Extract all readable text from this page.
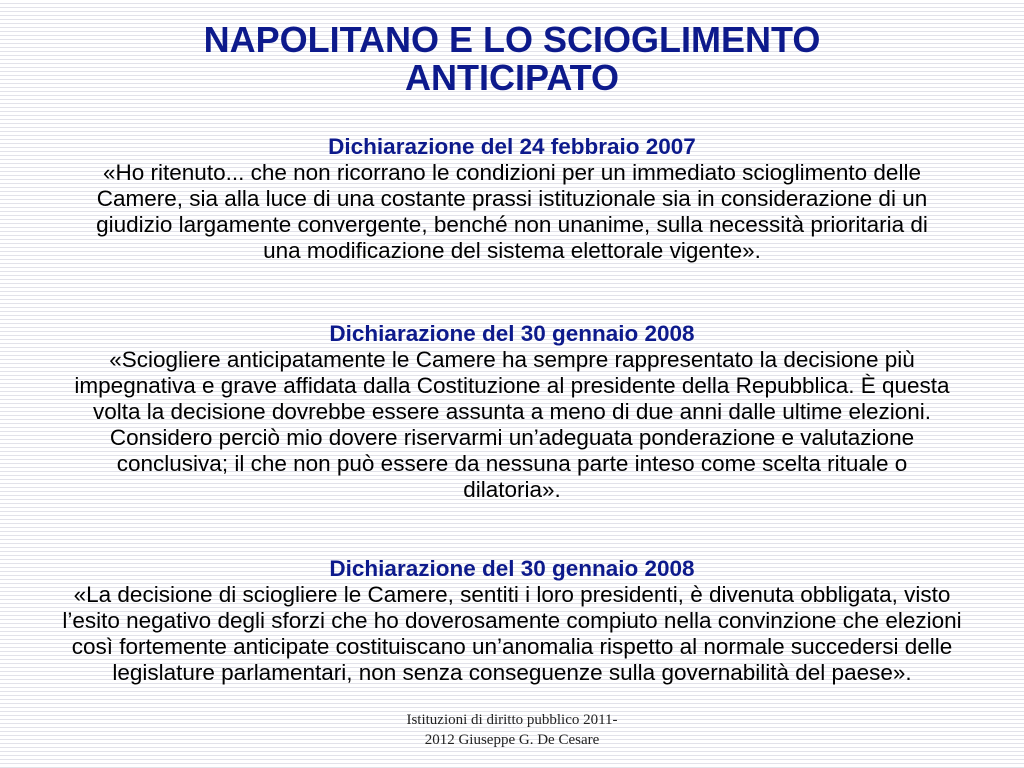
NAPOLITANO E LO SCIOGLIMENTO
ANTICIPATO
Dichiarazione del 24 febbraio 2007
«Ho ritenuto... che non ricorrano le condizioni per un immediato scioglimento delle Camere, sia alla luce di una costante prassi istituzionale sia in considerazione di un giudizio largamente convergente, benché non unanime, sulla necessità prioritaria di una modificazione del sistema elettorale vigente».
Dichiarazione del 30 gennaio 2008
«Sciogliere anticipatamente le Camere ha sempre rappresentato la decisione più impegnativa e grave affidata dalla Costituzione al presidente della Repubblica. È questa volta la decisione dovrebbe essere assunta a meno di due anni dalle ultime elezioni. Considero perciò mio dovere riservarmi un’adeguata ponderazione e valutazione conclusiva; il che non può essere da nessuna parte inteso come scelta rituale o dilatoria».
Dichiarazione del 30 gennaio 2008
«La decisione di sciogliere le Camere, sentiti i loro presidenti, è divenuta obbligata, visto l’esito negativo degli sforzi che ho doverosamente compiuto nella convinzione che elezioni così fortemente anticipate costituiscano un’anomalia rispetto al normale succedersi delle legislature parlamentari, non senza conseguenze sulla governabilità del paese».
Istituzioni di diritto pubblico 2011-
2012 Giuseppe G. De Cesare
